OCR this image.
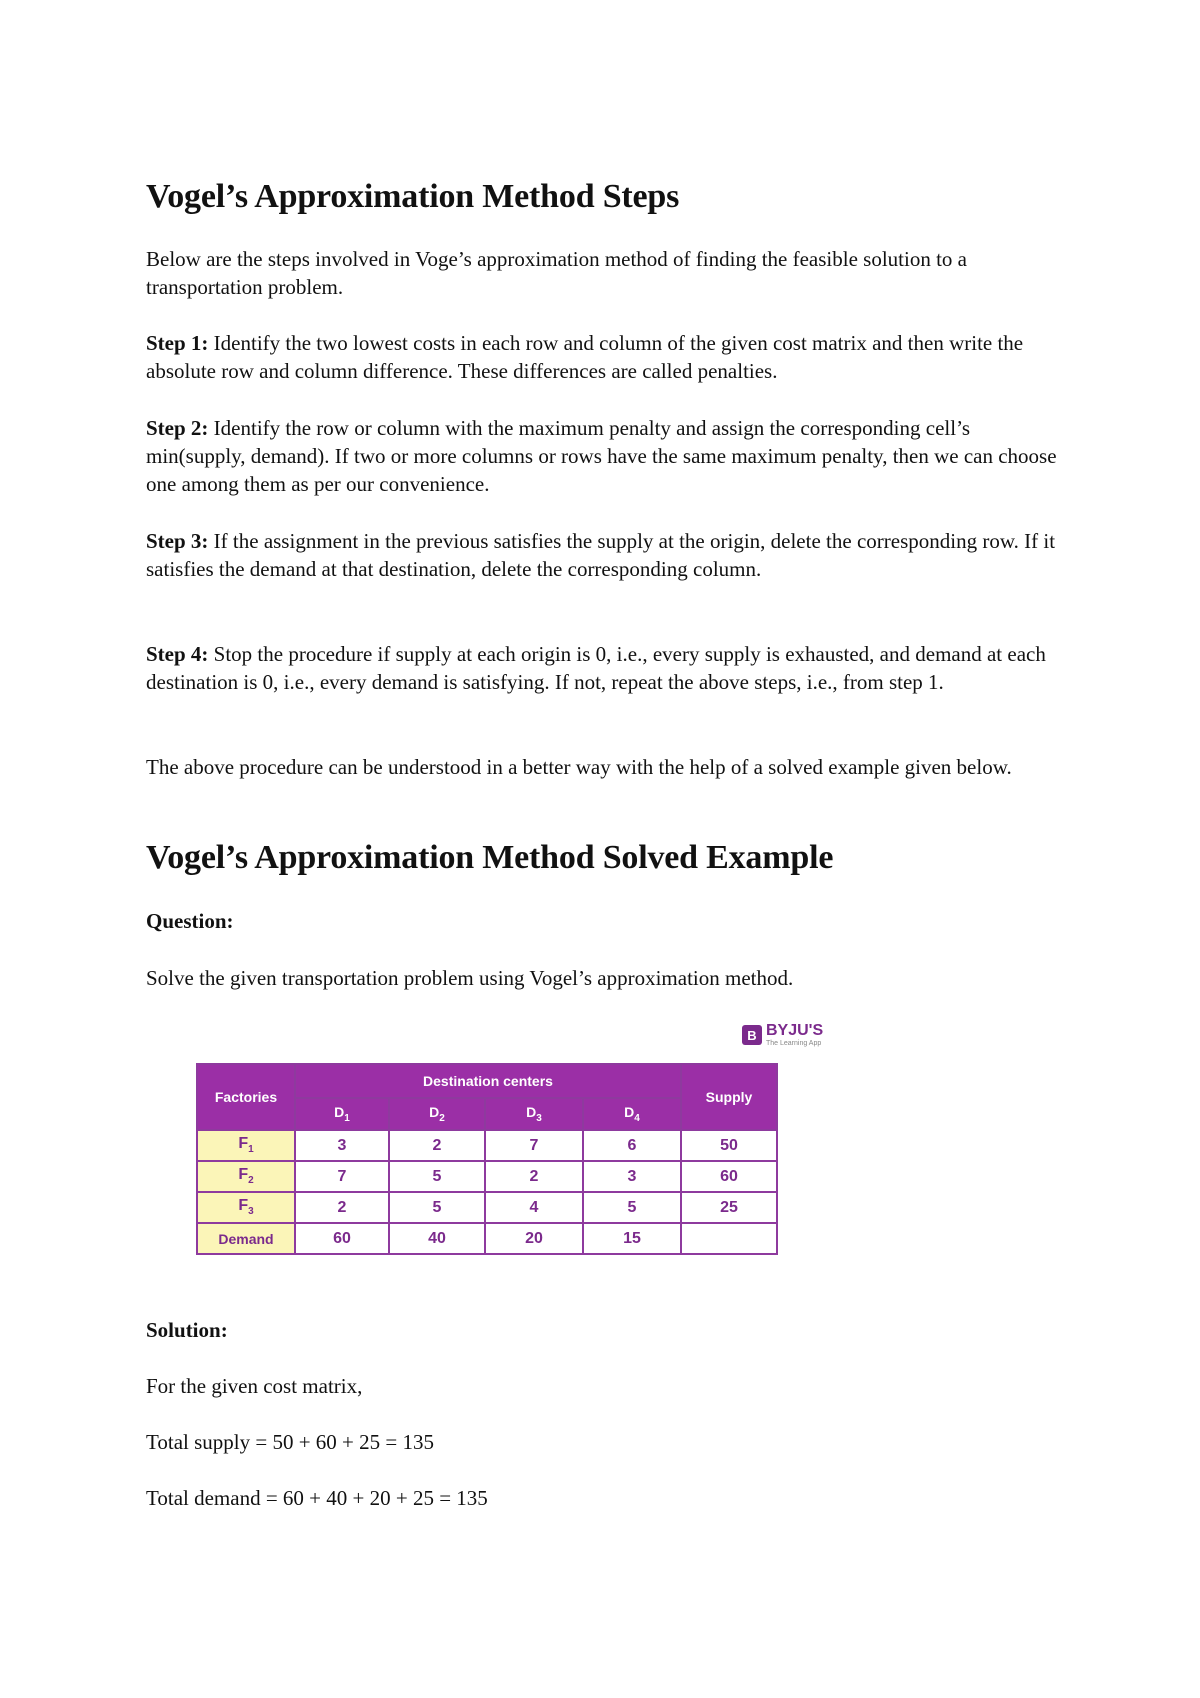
Vogel’s Approximation Method Steps

Below are the steps involved in Voge’s approximation method of finding the feasible solution to a transportation problem.

Step 1: Identify the two lowest costs in each row and column of the given cost matrix and then write the absolute row and column difference. These differences are called penalties.

Step 2: Identify the row or column with the maximum penalty and assign the corresponding cell’s min(supply, demand). If two or more columns or rows have the same maximum penalty, then we can choose one among them as per our convenience.

Step 3: If the assignment in the previous satisfies the supply at the origin, delete the corresponding row. If it satisfies the demand at that destination, delete the corresponding column.

Step 4: Stop the procedure if supply at each origin is 0, i.e., every supply is exhausted, and demand at each destination is 0, i.e., every demand is satisfying. If not, repeat the above steps, i.e., from step 1.

The above procedure can be understood in a better way with the help of a solved example given below.

Vogel’s Approximation Method Solved Example

Question:

Solve the given transportation problem using Vogel’s approximation method.

B BYJU'S
The Learning App
Factories	Destination centers				Supply
	$D_1$	$D_2$	$D_3$	$D_4$
$F_1$	3	2	7	6	50
$F_2$	7	5	2	3	60
$F_3$	2	5	4	5	25
Demand	60	40	20	15	

Solution:

For the given cost matrix,

Total supply = 50 + 60 + 25 = 135

Total demand = 60 + 40 + 20 + 25 = 135
